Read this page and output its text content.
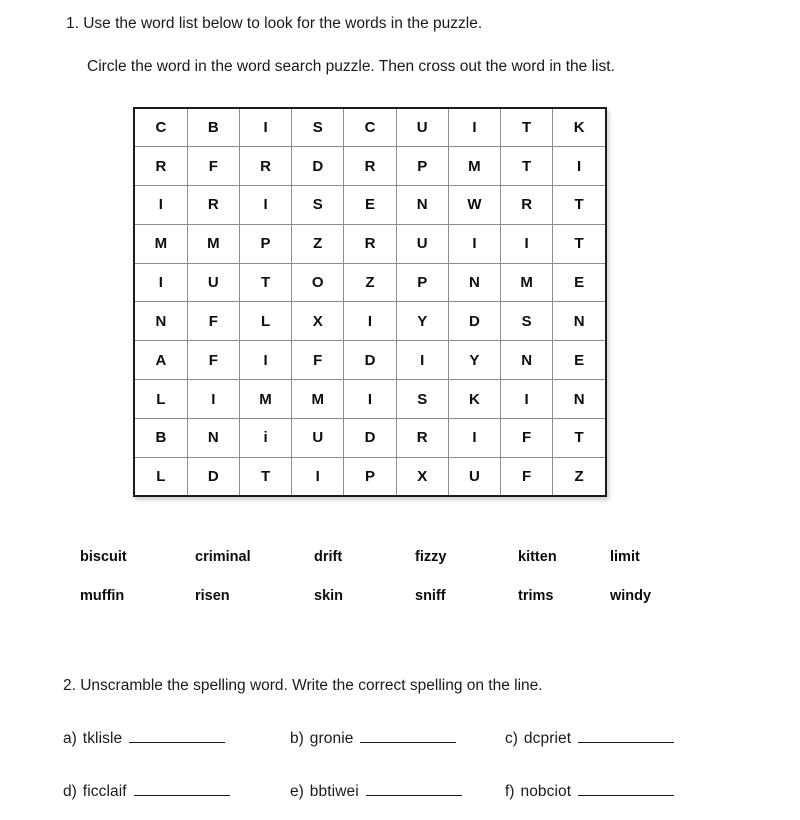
1. Use the word list below to look for the words in the puzzle.
Circle the word in the word search puzzle. Then cross out the word in the list.
C	B	I	S	C	U	I	T	K
R	F	R	D	R	P	M	T	I
I	R	I	S	E	N	W	R	T
M	M	P	Z	R	U	I	I	T
I	U	T	O	Z	P	N	M	E
N	F	L	X	I	Y	D	S	N
A	F	I	F	D	I	Y	N	E
L	I	M	M	I	S	K	I	N
B	N	i	U	D	R	I	F	T
L	D	T	I	P	X	U	F	Z
biscuit	criminal	drift	fizzy	kitten	limit
muffin	risen	skin	sniff	trims	windy
2. Unscramble the spelling word. Write the correct spelling on the line.
a) tklisle	b) gronie	c) dcpriet
d) ficclaif	e) bbtiwei	f) nobciot
